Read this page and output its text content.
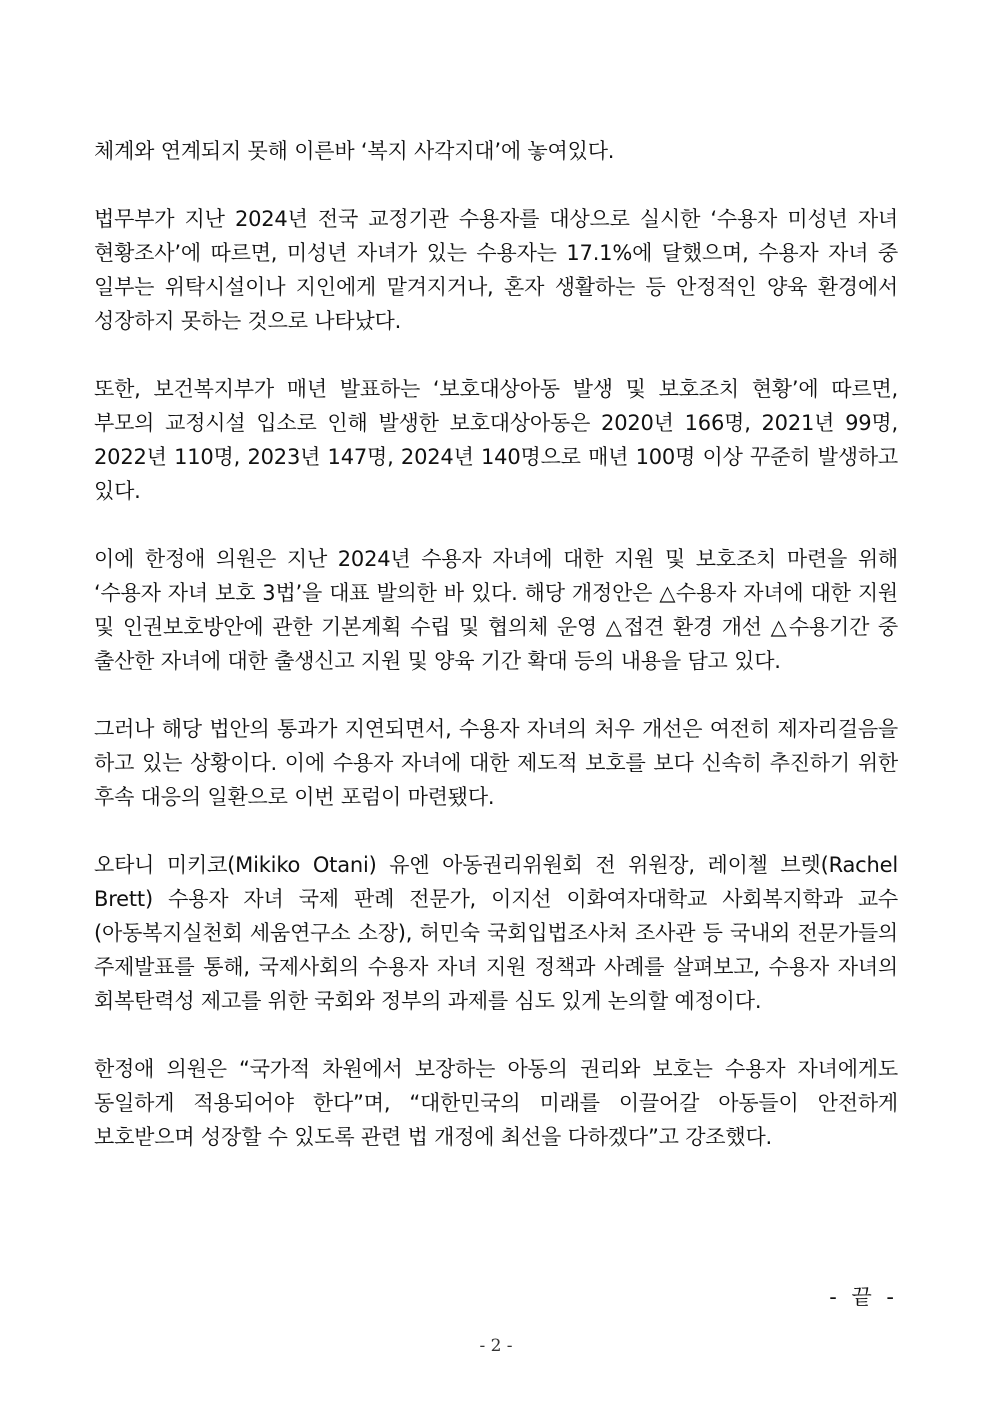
체계와 연계되지 못해 이른바 ‘복지 사각지대’에 놓여있다.

법무부가 지난 2024년 전국 교정기관 수용자를 대상으로 실시한 ‘수용자 미성년 자녀 현황조사’에 따르면, 미성년 자녀가 있는 수용자는 17.1%에 달했으며, 수용자 자녀 중 일부는 위탁시설이나 지인에게 맡겨지거나, 혼자 생활하는 등 안정적인 양육 환경에서 성장하지 못하는 것으로 나타났다.

또한, 보건복지부가 매년 발표하는 ‘보호대상아동 발생 및 보호조치 현황’에 따르면, 부모의 교정시설 입소로 인해 발생한 보호대상아동은 2020년 166명, 2021년 99명, 2022년 110명, 2023년 147명, 2024년 140명으로 매년 100명 이상 꾸준히 발생하고 있다.

이에 한정애 의원은 지난 2024년 수용자 자녀에 대한 지원 및 보호조치 마련을 위해 ‘수용자 자녀 보호 3법’을 대표 발의한 바 있다. 해당 개정안은 △수용자 자녀에 대한 지원 및 인권보호방안에 관한 기본계획 수립 및 협의체 운영 △접견 환경 개선 △수용기간 중 출산한 자녀에 대한 출생신고 지원 및 양육 기간 확대 등의 내용을 담고 있다.

그러나 해당 법안의 통과가 지연되면서, 수용자 자녀의 처우 개선은 여전히 제자리걸음을 하고 있는 상황이다. 이에 수용자 자녀에 대한 제도적 보호를 보다 신속히 추진하기 위한 후속 대응의 일환으로 이번 포럼이 마련됐다.

오타니 미키코(Mikiko Otani) 유엔 아동권리위원회 전 위원장, 레이첼 브렛(Rachel Brett) 수용자 자녀 국제 판례 전문가, 이지선 이화여자대학교 사회복지학과 교수(아동복지실천회 세움연구소 소장), 허민숙 국회입법조사처 조사관 등 국내외 전문가들의 주제발표를 통해, 국제사회의 수용자 자녀 지원 정책과 사례를 살펴보고, 수용자 자녀의 회복탄력성 제고를 위한 국회와 정부의 과제를 심도 있게 논의할 예정이다.

한정애 의원은 “국가적 차원에서 보장하는 아동의 권리와 보호는 수용자 자녀에게도 동일하게 적용되어야 한다”며, “대한민국의 미래를 이끌어갈 아동들이 안전하게 보호받으며 성장할 수 있도록 관련 법 개정에 최선을 다하겠다”고 강조했다.

- 끝 -
- 2 -
